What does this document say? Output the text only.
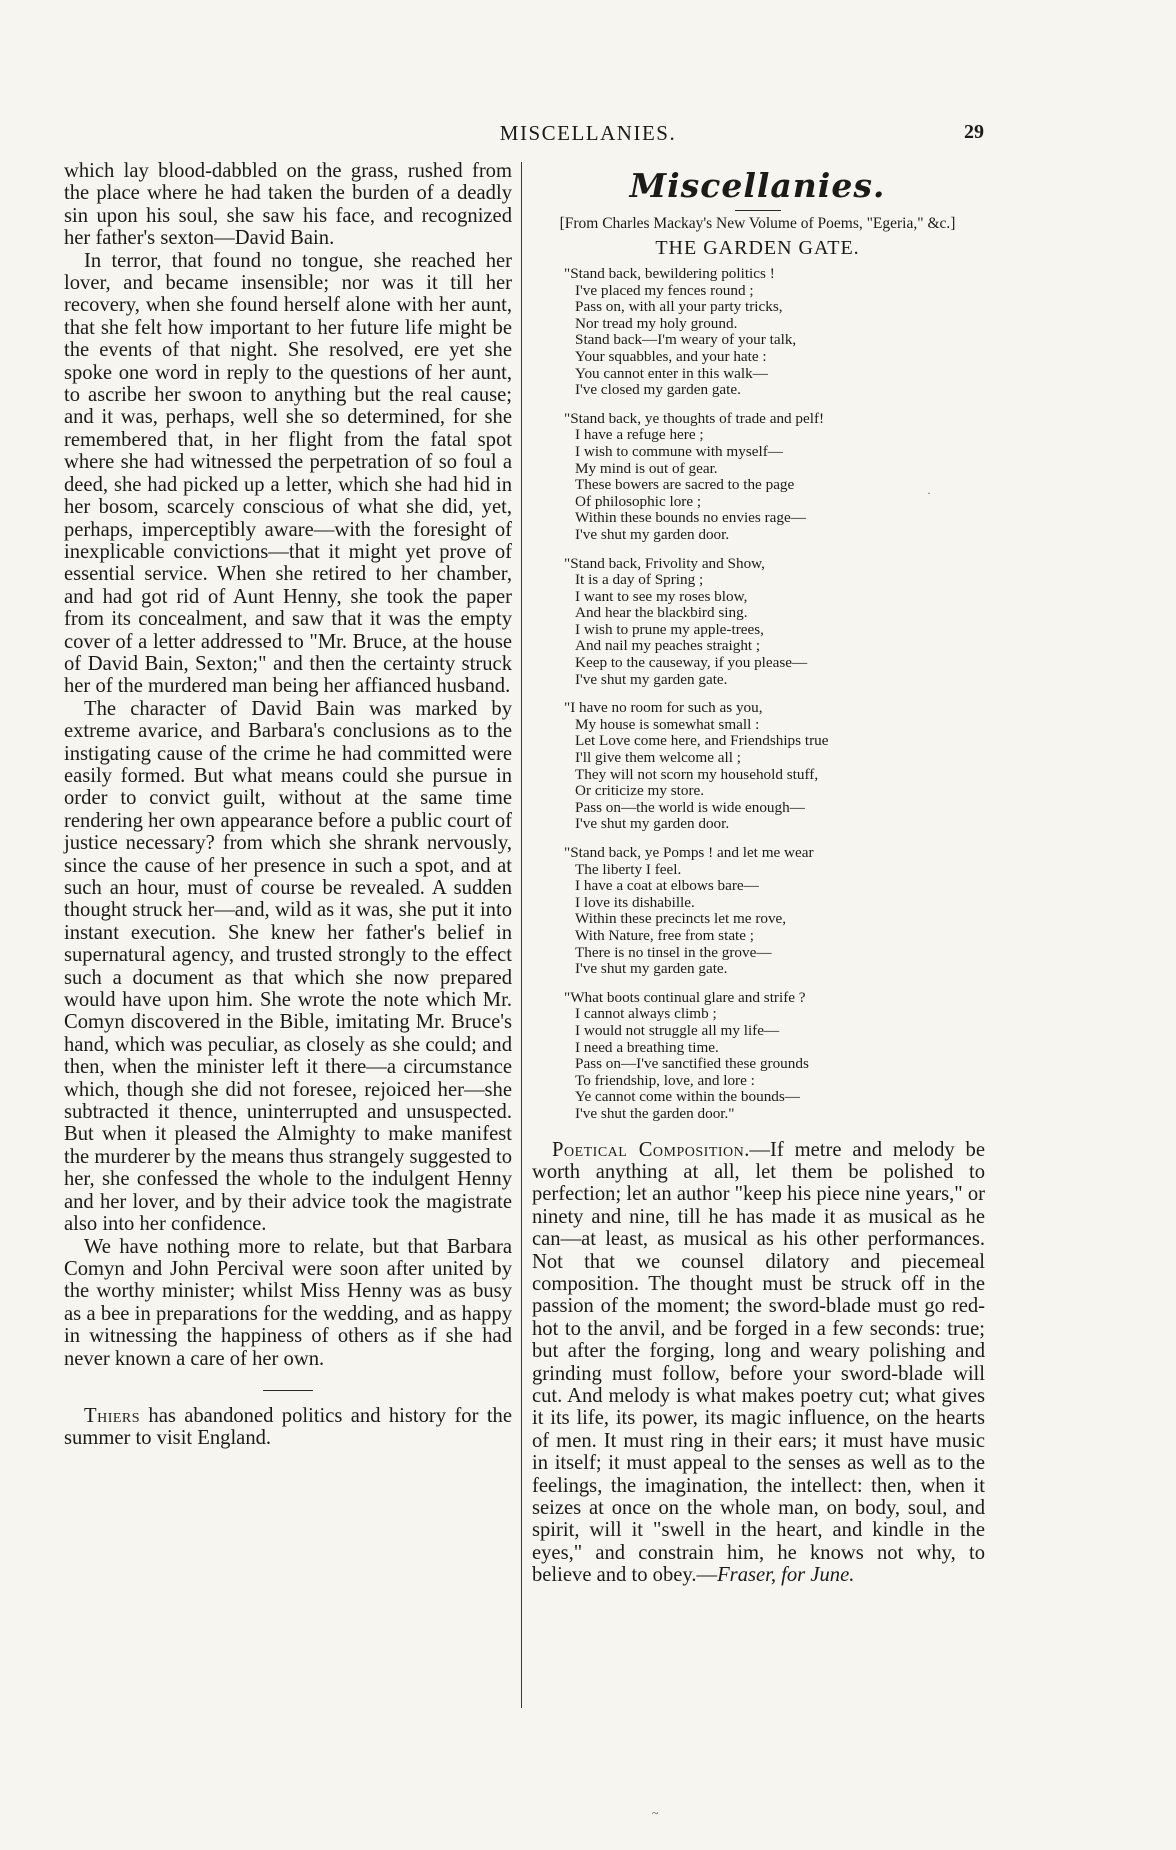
MISCELLANIES.	29

which lay blood-dabbled on the grass, rushed from the place where he had taken the burden of a deadly sin upon his soul, she saw his face, and recognized her father's sexton—David Bain.

In terror, that found no tongue, she reached her lover, and became insensible; nor was it till her recovery, when she found herself alone with her aunt, that she felt how important to her future life might be the events of that night. She resolved, ere yet she spoke one word in reply to the questions of her aunt, to ascribe her swoon to anything but the real cause; and it was, perhaps, well she so determined, for she remembered that, in her flight from the fatal spot where she had witnessed the perpetration of so foul a deed, she had picked up a letter, which she had hid in her bosom, scarcely conscious of what she did, yet, perhaps, imperceptibly aware—with the foresight of inexplicable convictions—that it might yet prove of essential service. When she retired to her chamber, and had got rid of Aunt Henny, she took the paper from its concealment, and saw that it was the empty cover of a letter addressed to "Mr. Bruce, at the house of David Bain, Sexton;" and then the certainty struck her of the murdered man being her affianced husband.

The character of David Bain was marked by extreme avarice, and Barbara's conclusions as to the instigating cause of the crime he had committed were easily formed. But what means could she pursue in order to convict guilt, without at the same time rendering her own appearance before a public court of justice necessary? from which she shrank nervously, since the cause of her presence in such a spot, and at such an hour, must of course be revealed. A sudden thought struck her—and, wild as it was, she put it into instant execution. She knew her father's belief in supernatural agency, and trusted strongly to the effect such a document as that which she now prepared would have upon him. She wrote the note which Mr. Comyn discovered in the Bible, imitating Mr. Bruce's hand, which was peculiar, as closely as she could; and then, when the minister left it there—a circumstance which, though she did not foresee, rejoiced her—she subtracted it thence, uninterrupted and unsuspected. But when it pleased the Almighty to make manifest the murderer by the means thus strangely suggested to her, she confessed the whole to the indulgent Henny and her lover, and by their advice took the magistrate also into her confidence.

We have nothing more to relate, but that Barbara Comyn and John Percival were soon after united by the worthy minister; whilst Miss Henny was as busy as a bee in preparations for the wedding, and as happy in witnessing the happiness of others as if she had never known a care of her own.

Thiers has abandoned politics and history for the summer to visit England.

Miscellanies.

[From Charles Mackay's New Volume of Poems, "Egeria," &c.]

THE GARDEN GATE.
"Stand back, bewildering politics !
I've placed my fences round ;
Pass on, with all your party tricks,
Nor tread my holy ground.
Stand back—I'm weary of your talk,
Your squabbles, and your hate :
You cannot enter in this walk—
I've closed my garden gate.
"Stand back, ye thoughts of trade and pelf!
I have a refuge here ;
I wish to commune with myself—
My mind is out of gear.
These bowers are sacred to the page
Of philosophic lore ;
Within these bounds no envies rage—
I've shut my garden door.
"Stand back, Frivolity and Show,
It is a day of Spring ;
I want to see my roses blow,
And hear the blackbird sing.
I wish to prune my apple-trees,
And nail my peaches straight ;
Keep to the causeway, if you please—
I've shut my garden gate.
"I have no room for such as you,
My house is somewhat small :
Let Love come here, and Friendships true
I'll give them welcome all ;
They will not scorn my household stuff,
Or criticize my store.
Pass on—the world is wide enough—
I've shut my garden door.
"Stand back, ye Pomps ! and let me wear
The liberty I feel.
I have a coat at elbows bare—
I love its dishabille.
Within these precincts let me rove,
With Nature, free from state ;
There is no tinsel in the grove—
I've shut my garden gate.
"What boots continual glare and strife ?
I cannot always climb ;
I would not struggle all my life—
I need a breathing time.
Pass on—I've sanctified these grounds
To friendship, love, and lore :
Ye cannot come within the bounds—
I've shut the garden door."

Poetical Composition.—If metre and melody be worth anything at all, let them be polished to perfection; let an author "keep his piece nine years," or ninety and nine, till he has made it as musical as he can—at least, as musical as his other performances. Not that we counsel dilatory and piecemeal composition. The thought must be struck off in the passion of the moment; the sword-blade must go red-hot to the anvil, and be forged in a few seconds: true; but after the forging, long and weary polishing and grinding must follow, before your sword-blade will cut. And melody is what makes poetry cut; what gives it its life, its power, its magic influence, on the hearts of men. It must ring in their ears; it must have music in itself; it must appeal to the senses as well as to the feelings, the imagination, the intellect: then, when it seizes at once on the whole man, on body, soul, and spirit, will it "swell in the heart, and kindle in the eyes," and constrain him, he knows not why, to believe and to obey.—Fraser, for June.

·
~
